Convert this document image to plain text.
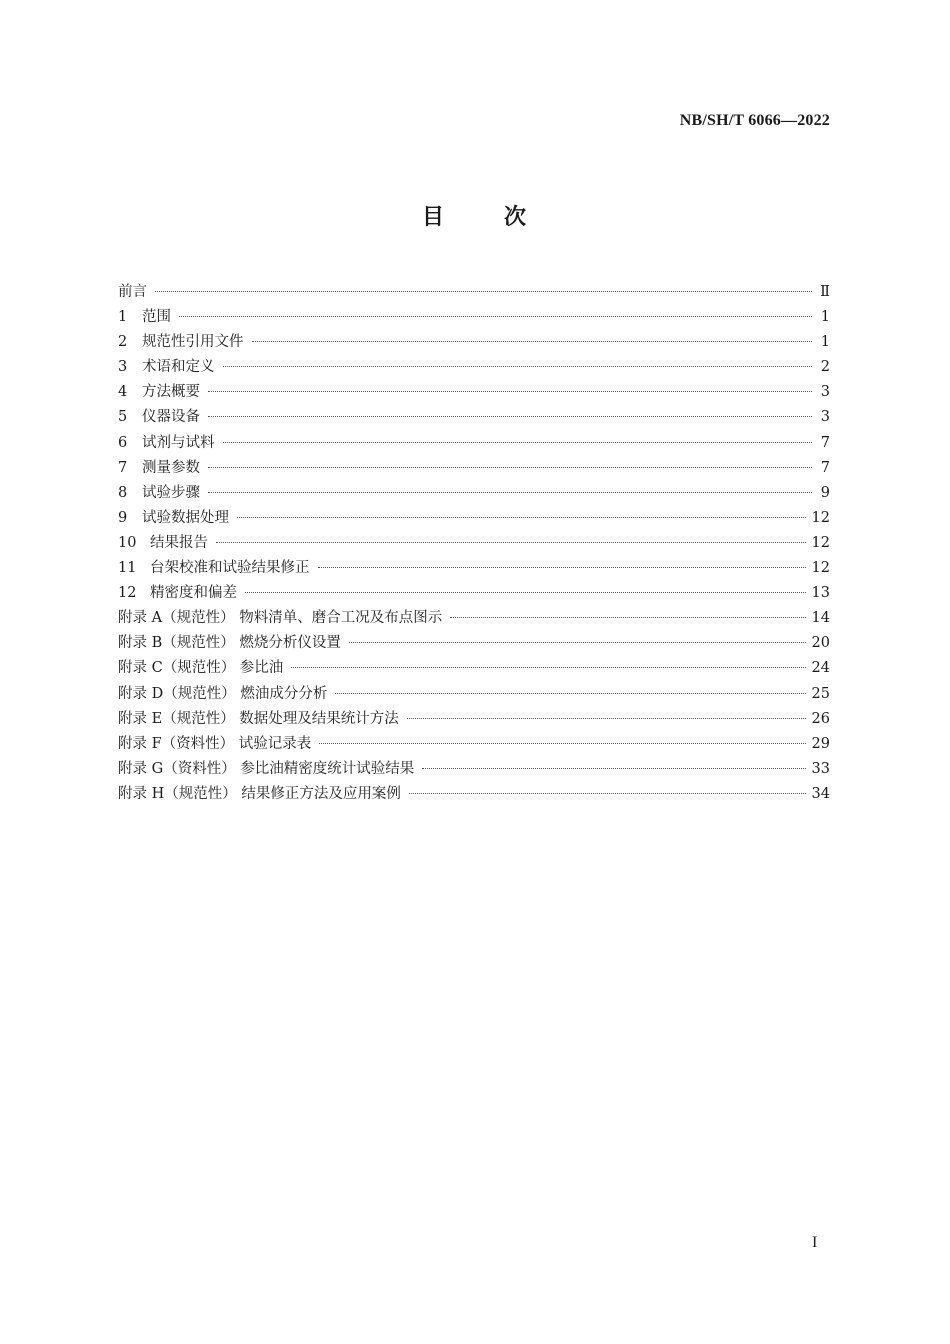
NB/SH/T 6066—2022
目	次
前言	Ⅱ
1	范围	1
2	规范性引用文件	1
3	术语和定义	2
4	方法概要	3
5	仪器设备	3
6	试剂与试料	7
7	测量参数	7
8	试验步骤	9
9	试验数据处理	12
10 结果报告	12
11 台架校准和试验结果修正	12
12 精密度和偏差	13
附录 A（规范性） 物料清单、磨合工况及布点图示	14
附录 B（规范性） 燃烧分析仪设置	20
附录 C（规范性） 参比油	24
附录 D（规范性） 燃油成分分析	25
附录 E（规范性） 数据处理及结果统计方法	26
附录 F（资料性） 试验记录表	29
附录 G（资料性） 参比油精密度统计试验结果	33
附录 H（规范性） 结果修正方法及应用案例	34
I
